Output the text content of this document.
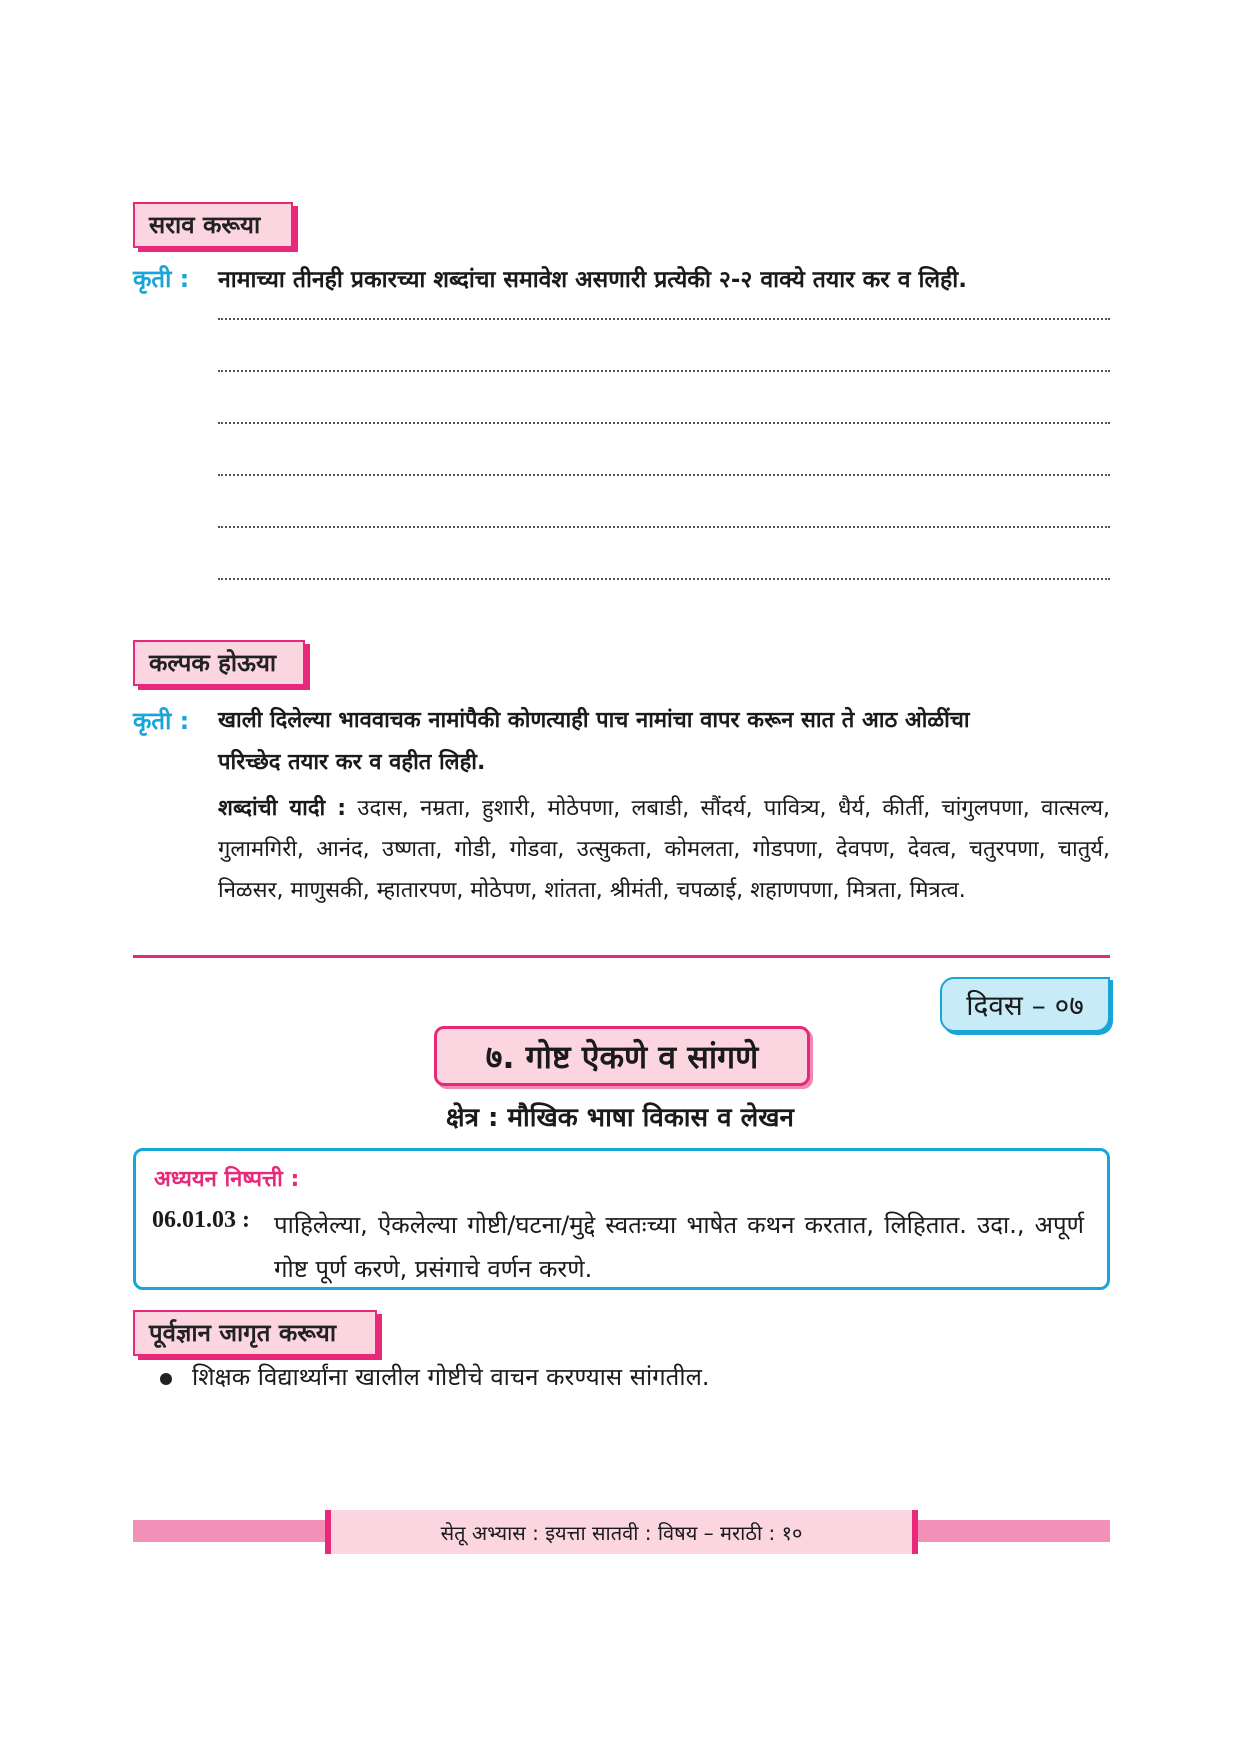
सराव करूया
कृती : नामाच्या तीनही प्रकारच्या शब्दांचा समावेश असणारी प्रत्येकी २-२ वाक्ये तयार कर व लिही.
कल्पक होऊया
कृती : खाली दिलेल्या भाववाचक नामांपैकी कोणत्याही पाच नामांचा वापर करून सात ते आठ ओळींचा
परिच्छेद तयार कर व वहीत लिही.
शब्दांची यादी : उदास, नम्रता, हुशारी, मोठेपणा, लबाडी, सौंदर्य, पावित्र्य, धैर्य, कीर्ती, चांगुलपणा, वात्सल्य, गुलामगिरी, आनंद, उष्णता, गोडी, गोडवा, उत्सुकता, कोमलता, गोडपणा, देवपण, देवत्व, चतुरपणा, चातुर्य, निळसर, माणुसकी, म्हातारपण, मोठेपण, शांतता, श्रीमंती, चपळाई, शहाणपणा, मित्रता, मित्रत्व.
दिवस – ०७
७. गोष्ट ऐकणे व सांगणे
क्षेत्र : मौखिक भाषा विकास व लेखन
अध्ययन निष्पत्ती :
06.01.03 : पाहिलेल्या, ऐकलेल्या गोष्टी/घटना/मुद्दे स्वतःच्या भाषेत कथन करतात, लिहितात. उदा., अपूर्ण गोष्ट पूर्ण करणे, प्रसंगाचे वर्णन करणे.
पूर्वज्ञान जागृत करूया
शिक्षक विद्यार्थ्यांना खालील गोष्टीचे वाचन करण्यास सांगतील.
सेतू अभ्यास : इयत्ता सातवी : विषय – मराठी : १०
